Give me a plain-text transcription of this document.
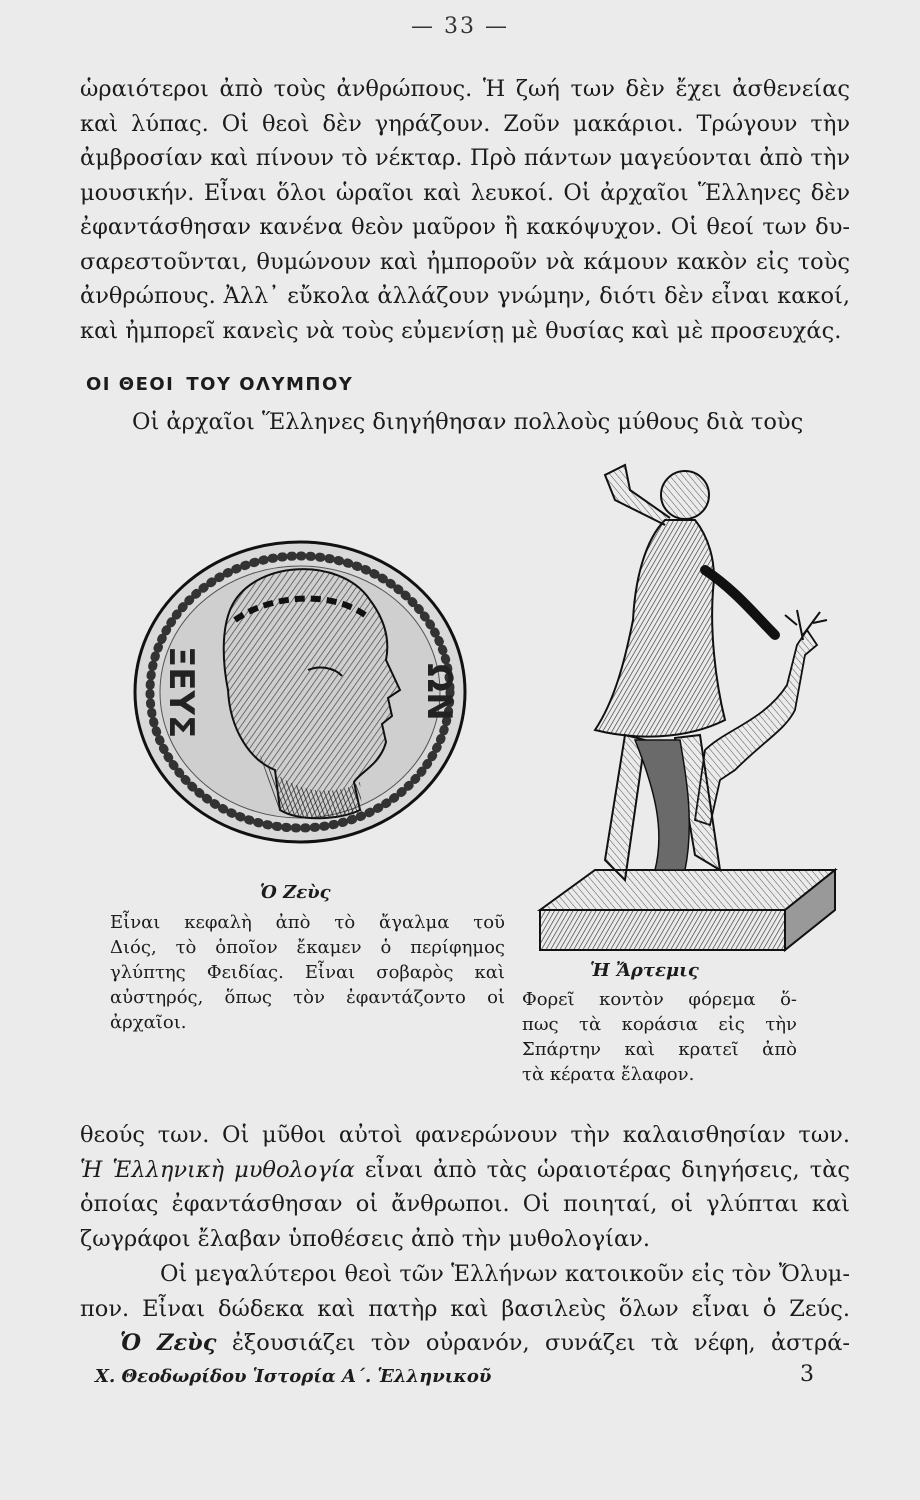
— 33 —

ὡραιότεροι ἀπὸ τοὺς ἀνθρώπους. Ἡ ζωή των δὲν ἔχει ἀσθενείας
καὶ λύπας. Οἱ θεοὶ δὲν γηράζουν. Ζοῦν μακάριοι. Τρώγουν τὴν
ἀμβροσίαν καὶ πίνουν τὸ νέκταρ. Πρὸ πάντων μαγεύονται ἀπὸ τὴν
μουσικήν. Εἶναι ὅλοι ὡραῖοι καὶ λευκοί. Οἱ ἀρχαῖοι Ἕλληνες δὲν
ἐφαντάσθησαν κανένα θεὸν μαῦρον ἢ κακόψυχον. Οἱ θεοί των δυ-
σαρεστοῦνται, θυμώνουν καὶ ἠμποροῦν νὰ κάμουν κακὸν εἰς τοὺς
ἀνθρώπους. Ἀλλ᾽ εὔκολα ἀλλάζουν γνώμην, διότι δὲν εἶναι κακοί,
καὶ ἠμπορεῖ κανεὶς νὰ τοὺς εὐμενίσῃ μὲ θυσίας καὶ μὲ προσευχάς.

ΟΙ ΘΕΟΙ ΤΟΥ ΟΛΥΜΠΟΥ

Οἱ ἀρχαῖοι Ἕλληνες διηγήθησαν πολλοὺς μύθους διὰ τοὺς

ΞΕΥΣ	ΩΝ
Ὁ Ζεὺς

Εἶναι κεφαλὴ ἀπὸ τὸ ἄγαλμα τοῦ
Διός, τὸ ὁποῖον ἔκαμεν ὁ περίφημος
γλύπτης Φειδίας. Εἶναι σοβαρὸς καὶ
αὐστηρός, ὅπως τὸν ἐφαντάζοντο οἱ
ἀρχαῖοι.

Ἡ Ἄρτεμις

Φορεῖ κοντὸν φόρεμα ὅ-
πως τὰ κοράσια εἰς τὴν
Σπάρτην καὶ κρατεῖ ἀπὸ
τὰ κέρατα ἔλαφον.

θεούς των. Οἱ μῦθοι αὐτοὶ φανερώνουν τὴν καλαισθησίαν των.
Ἡ Ἑλληνικὴ μυθολογία εἶναι ἀπὸ τὰς ὡραιοτέρας διηγήσεις, τὰς
ὁποίας ἐφαντάσθησαν οἱ ἄνθρωποι. Οἱ ποιηταί, οἱ γλύπται καὶ
ζωγράφοι ἔλαβαν ὑποθέσεις ἀπὸ τὴν μυθολογίαν.

Οἱ μεγαλύτεροι θεοὶ τῶν Ἑλλήνων κατοικοῦν εἰς τὸν Ὄλυμ-
πον. Εἶναι δώδεκα καὶ πατὴρ καὶ βασιλεὺς ὅλων εἶναι ὁ Ζεύς.
Ὁ Ζεὺς ἐξουσιάζει τὸν οὐρανόν, συνάζει τὰ νέφη, ἀστρά-

Χ. Θεοδωρίδου Ἱστορία Α΄. Ἑλληνικοῦ	3
